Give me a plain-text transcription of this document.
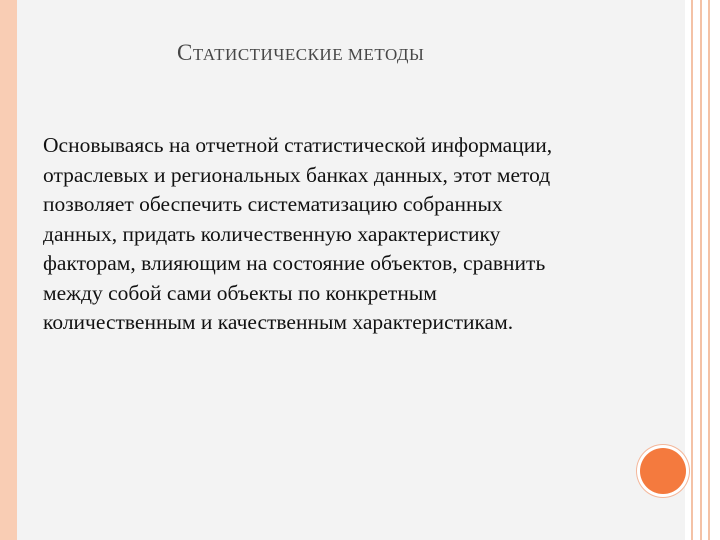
СТАТИСТИЧЕСКИЕ МЕТОДЫ
Основываясь на отчетной статистической информации,
отраслевых и региональных банках данных, этот метод
позволяет обеспечить систематизацию собранных
данных, придать количественную характеристику
факторам, влияющим на состояние объектов, сравнить
между собой сами объекты по конкретным
количественным и качественным характеристикам.
